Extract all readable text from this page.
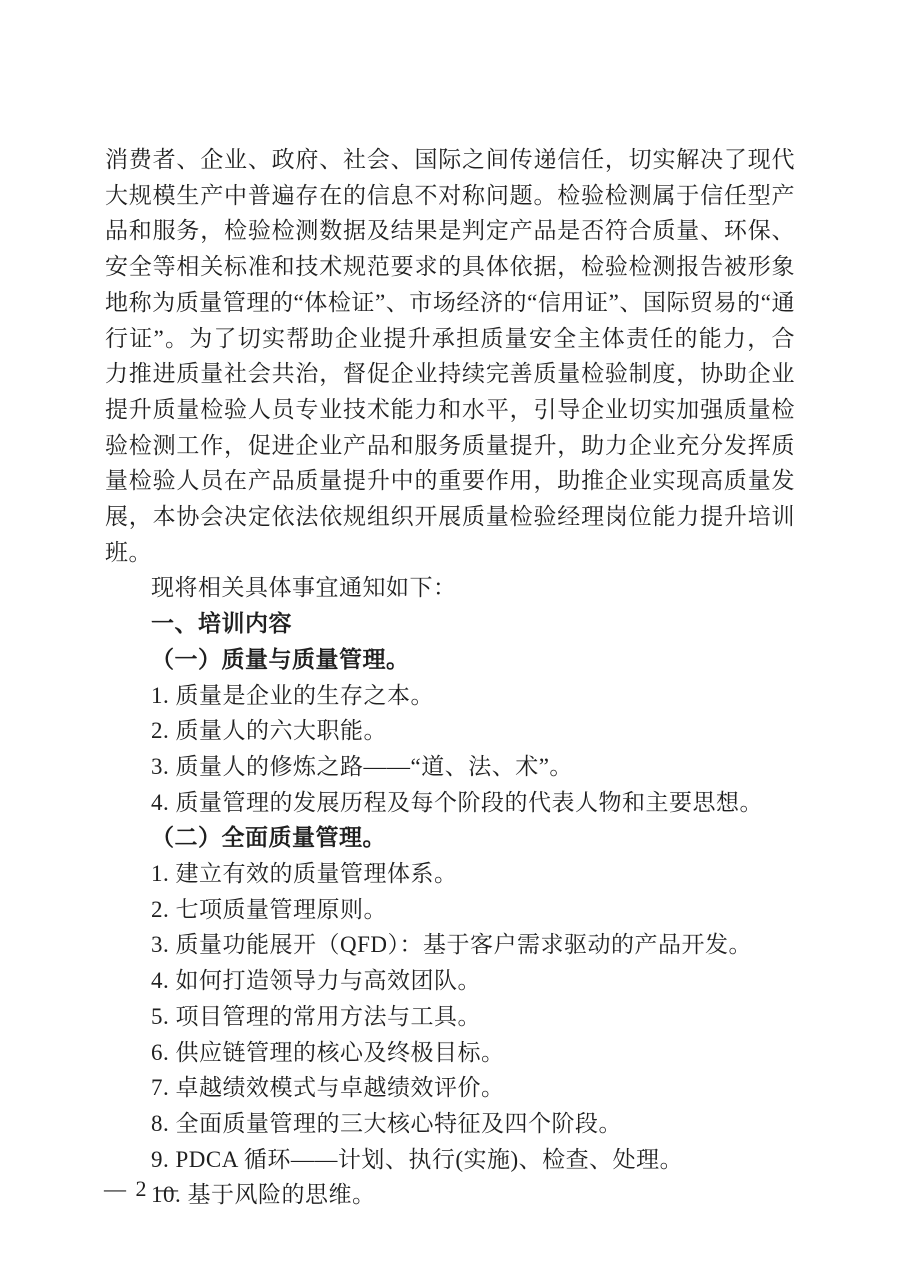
消费者、企业、政府、社会、国际之间传递信任，切实解决了现代大规模生产中普遍存在的信息不对称问题。检验检测属于信任型产品和服务，检验检测数据及结果是判定产品是否符合质量、环保、安全等相关标准和技术规范要求的具体依据，检验检测报告被形象地称为质量管理的“体检证”、市场经济的“信用证”、国际贸易的“通行证”。为了切实帮助企业提升承担质量安全主体责任的能力，合力推进质量社会共治，督促企业持续完善质量检验制度，协助企业提升质量检验人员专业技术能力和水平，引导企业切实加强质量检验检测工作，促进企业产品和服务质量提升，助力企业充分发挥质量检验人员在产品质量提升中的重要作用，助推企业实现高质量发展，本协会决定依法依规组织开展质量检验经理岗位能力提升培训班。

现将相关具体事宜通知如下：

一、培训内容
（一）质量与质量管理。

1. 质量是企业的生存之本。

2. 质量人的六大职能。

3. 质量人的修炼之路——“道、法、术”。

4. 质量管理的发展历程及每个阶段的代表人物和主要思想。

（二）全面质量管理。

1. 建立有效的质量管理体系。

2. 七项质量管理原则。

3. 质量功能展开（QFD）：基于客户需求驱动的产品开发。

4. 如何打造领导力与高效团队。

5. 项目管理的常用方法与工具。

6. 供应链管理的核心及终极目标。

7. 卓越绩效模式与卓越绩效评价。

8. 全面质量管理的三大核心特征及四个阶段。

9. PDCA 循环——计划、执行(实施)、检查、处理。

10. 基于风险的思维。

— 2 —
